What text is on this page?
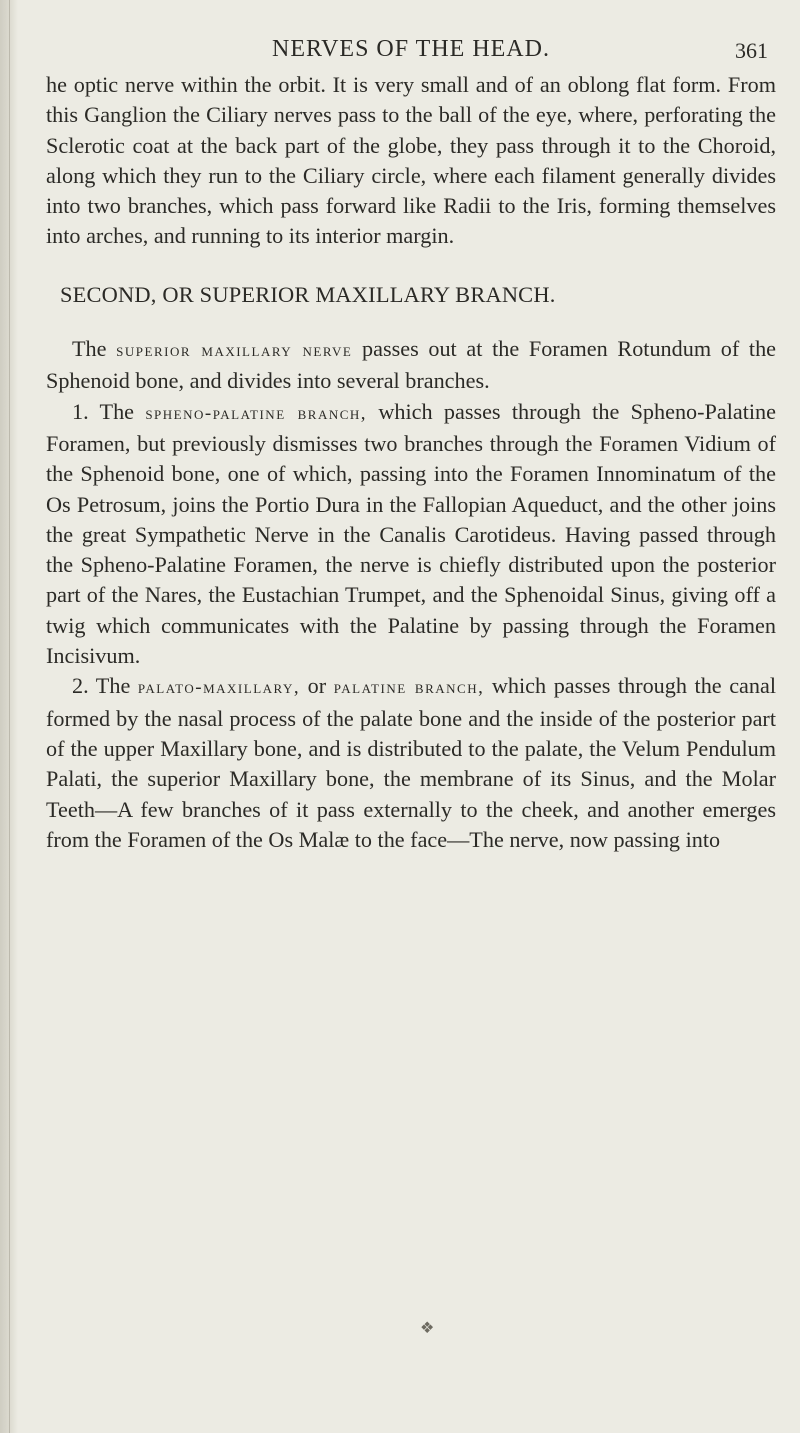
NERVES OF THE HEAD.	361

he optic nerve within the orbit. It is very small and of an oblong flat form. From this Ganglion the Ciliary nerves pass to the ball of the eye, where, perforating the Sclerotic coat at the back part of the globe, they pass through it to the Choroid, along which they run to the Ciliary circle, where each filament generally divides into two branches, which pass forward like Radii to the Iris, forming themselves into arches, and running to its interior margin.

SECOND, OR SUPERIOR MAXILLARY BRANCH.

The superior maxillary nerve passes out at the Foramen Rotundum of the Sphenoid bone, and divides into several branches.

1. The spheno-palatine branch, which passes through the Spheno-Palatine Foramen, but previously dismisses two branches through the Foramen Vidium of the Sphenoid bone, one of which, passing into the Foramen Innominatum of the Os Petrosum, joins the Portio Dura in the Fallopian Aqueduct, and the other joins the great Sympathetic Nerve in the Canalis Carotideus. Having passed through the Spheno-Palatine Foramen, the nerve is chiefly distributed upon the posterior part of the Nares, the Eustachian Trumpet, and the Sphenoidal Sinus, giving off a twig which communicates with the Palatine by passing through the Foramen Incisivum.

2. The palato-maxillary, or palatine branch, which passes through the canal formed by the nasal process of the palate bone and the inside of the posterior part of the upper Maxillary bone, and is distributed to the palate, the Velum Pendulum Palati, the superior Maxillary bone, the membrane of its Sinus, and the Molar Teeth—A few branches of it pass externally to the cheek, and another emerges from the Foramen of the Os Malæ to the face—The nerve, now passing into

❖
